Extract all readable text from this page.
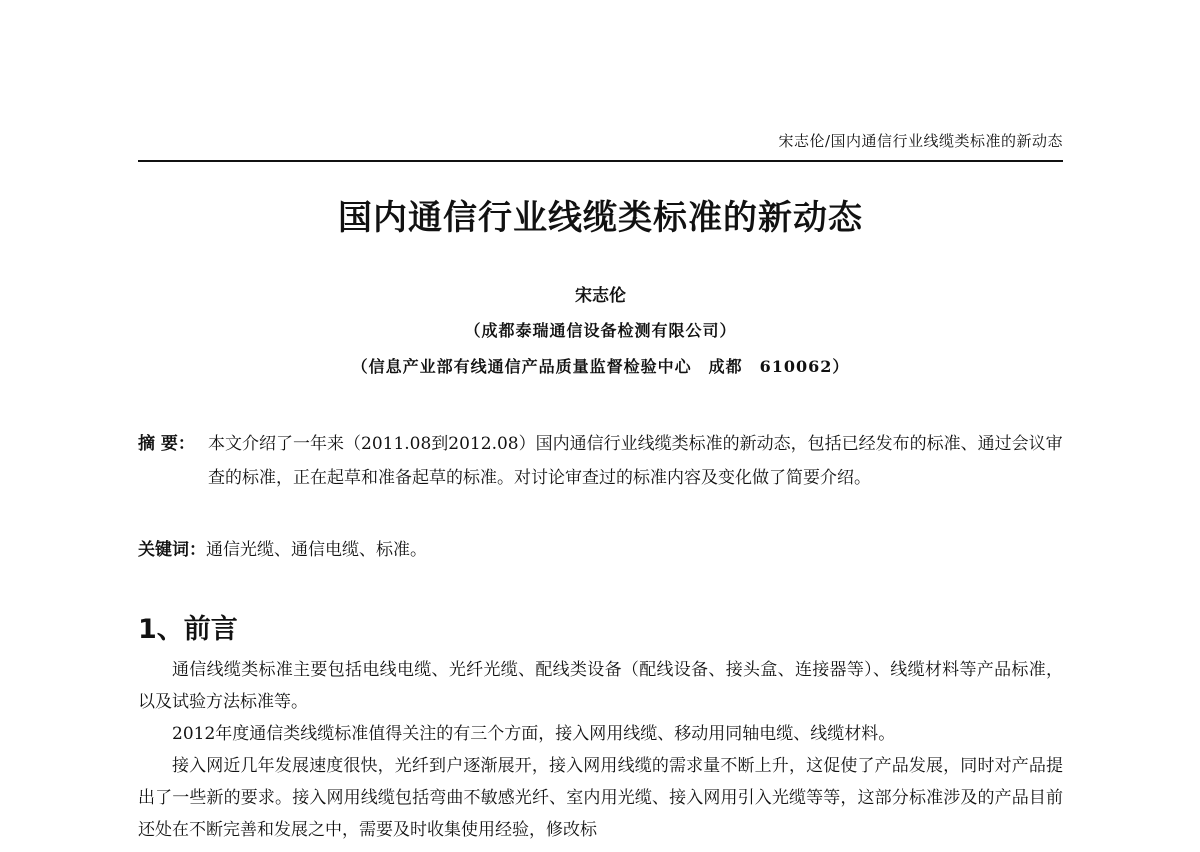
宋志伦/国内通信行业线缆类标准的新动态
国内通信行业线缆类标准的新动态
宋志伦
（成都泰瑞通信设备检测有限公司）
（信息产业部有线通信产品质量监督检验中心　成都　610062）
摘 要： 本文介绍了一年来（2011.08到2012.08）国内通信行业线缆类标准的新动态，包括已经发布的标准、通过会议审查的标准，正在起草和准备起草的标准。对讨论审查过的标准内容及变化做了简要介绍。
关键词：通信光缆、通信电缆、标准。
1、前言

通信线缆类标准主要包括电线电缆、光纤光缆、配线类设备（配线设备、接头盒、连接器等）、线缆材料等产品标准，以及试验方法标准等。

2012年度通信类线缆标准值得关注的有三个方面，接入网用线缆、移动用同轴电缆、线缆材料。

接入网近几年发展速度很快，光纤到户逐渐展开，接入网用线缆的需求量不断上升，这促使了产品发展，同时对产品提出了一些新的要求。接入网用线缆包括弯曲不敏感光纤、室内用光缆、接入网用引入光缆等等，这部分标准涉及的产品目前还处在不断完善和发展之中，需要及时收集使用经验，修改标
